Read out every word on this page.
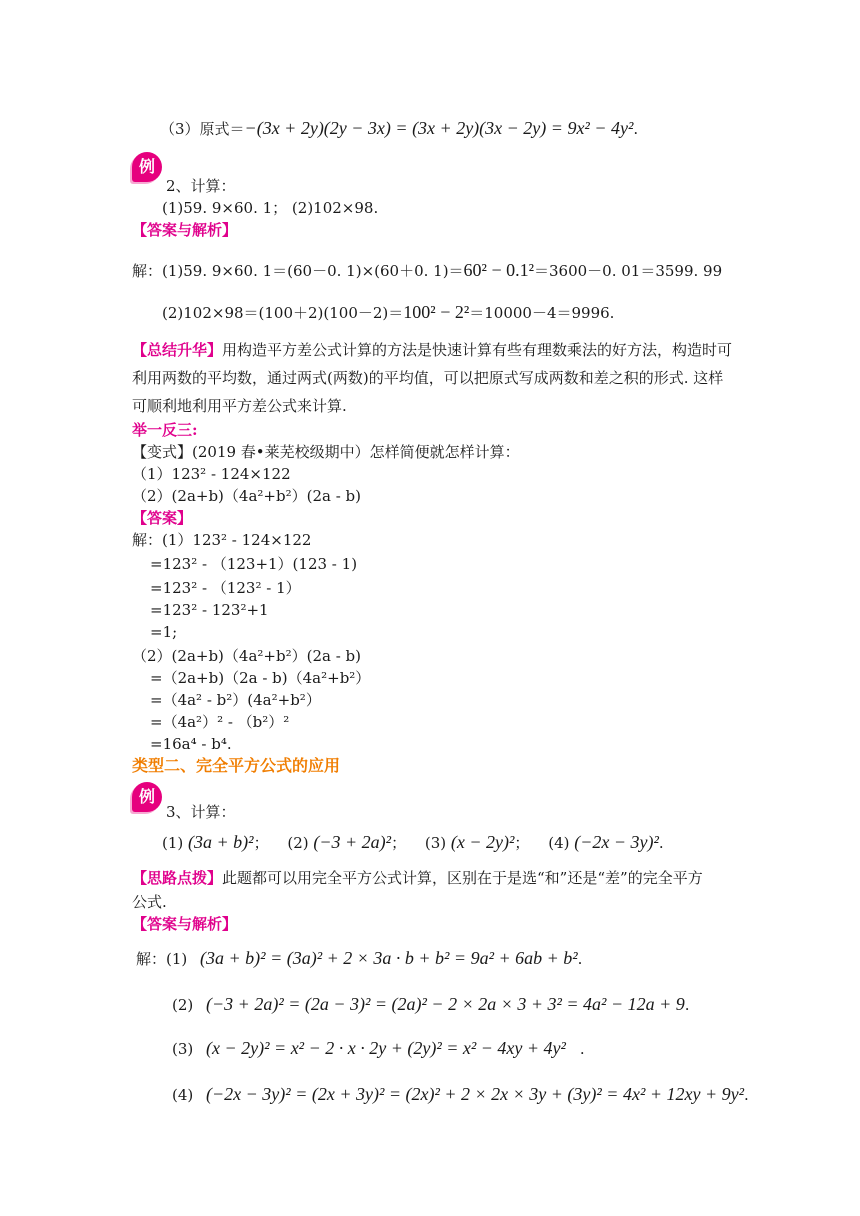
（3）原式＝−(3x + 2y)(2y − 3x) = (3x + 2y)(3x − 2y) = 9x² − 4y².
例
2、计算：
(1)59. 9×60. 1； (2)102×98.
【答案与解析】
解：(1)59. 9×60. 1＝(60－0. 1)×(60＋0. 1)＝60² − 0.1²＝3600－0. 01＝3599. 99
(2)102×98＝(100＋2)(100－2)＝100² − 2²＝10000－4＝9996.
【总结升华】用构造平方差公式计算的方法是快速计算有些有理数乘法的好方法，构造时可
利用两数的平均数，通过两式(两数)的平均值，可以把原式写成两数和差之积的形式. 这样
可顺利地利用平方差公式来计算.
举一反三:
【变式】(2019 春•莱芜校级期中）怎样简便就怎样计算：
（1）123² - 124×122
（2）(2a+b)（4a²+b²）(2a - b)
【答案】
解：(1）123² - 124×122
=123² - （123+1）(123 - 1)
=123² - （123² - 1）
=123² - 123²+1
=1;
（2）(2a+b)（4a²+b²）(2a - b)
=（2a+b)（2a - b)（4a²+b²）
=（4a² - b²）(4a²+b²）
=（4a²）² - （b²）²
=16a⁴ - b⁴.
类型二、完全平方公式的应用
例
3、计算：
(1) (3a + b)²； (2) (−3 + 2a)²； (3) (x − 2y)²； (4) (−2x − 3y)².
【思路点拨】此题都可以用完全平方公式计算，区别在于是选“和”还是“差”的完全平方
公式.
【答案与解析】
解：(1) (3a + b)² = (3a)² + 2 × 3a · b + b² = 9a² + 6ab + b².
(2) (−3 + 2a)² = (2a − 3)² = (2a)² − 2 × 2a × 3 + 3² = 4a² − 12a + 9.
(3) (x − 2y)² = x² − 2 · x · 2y + (2y)² = x² − 4xy + 4y² .
(4) (−2x − 3y)² = (2x + 3y)² = (2x)² + 2 × 2x × 3y + (3y)² = 4x² + 12xy + 9y².
